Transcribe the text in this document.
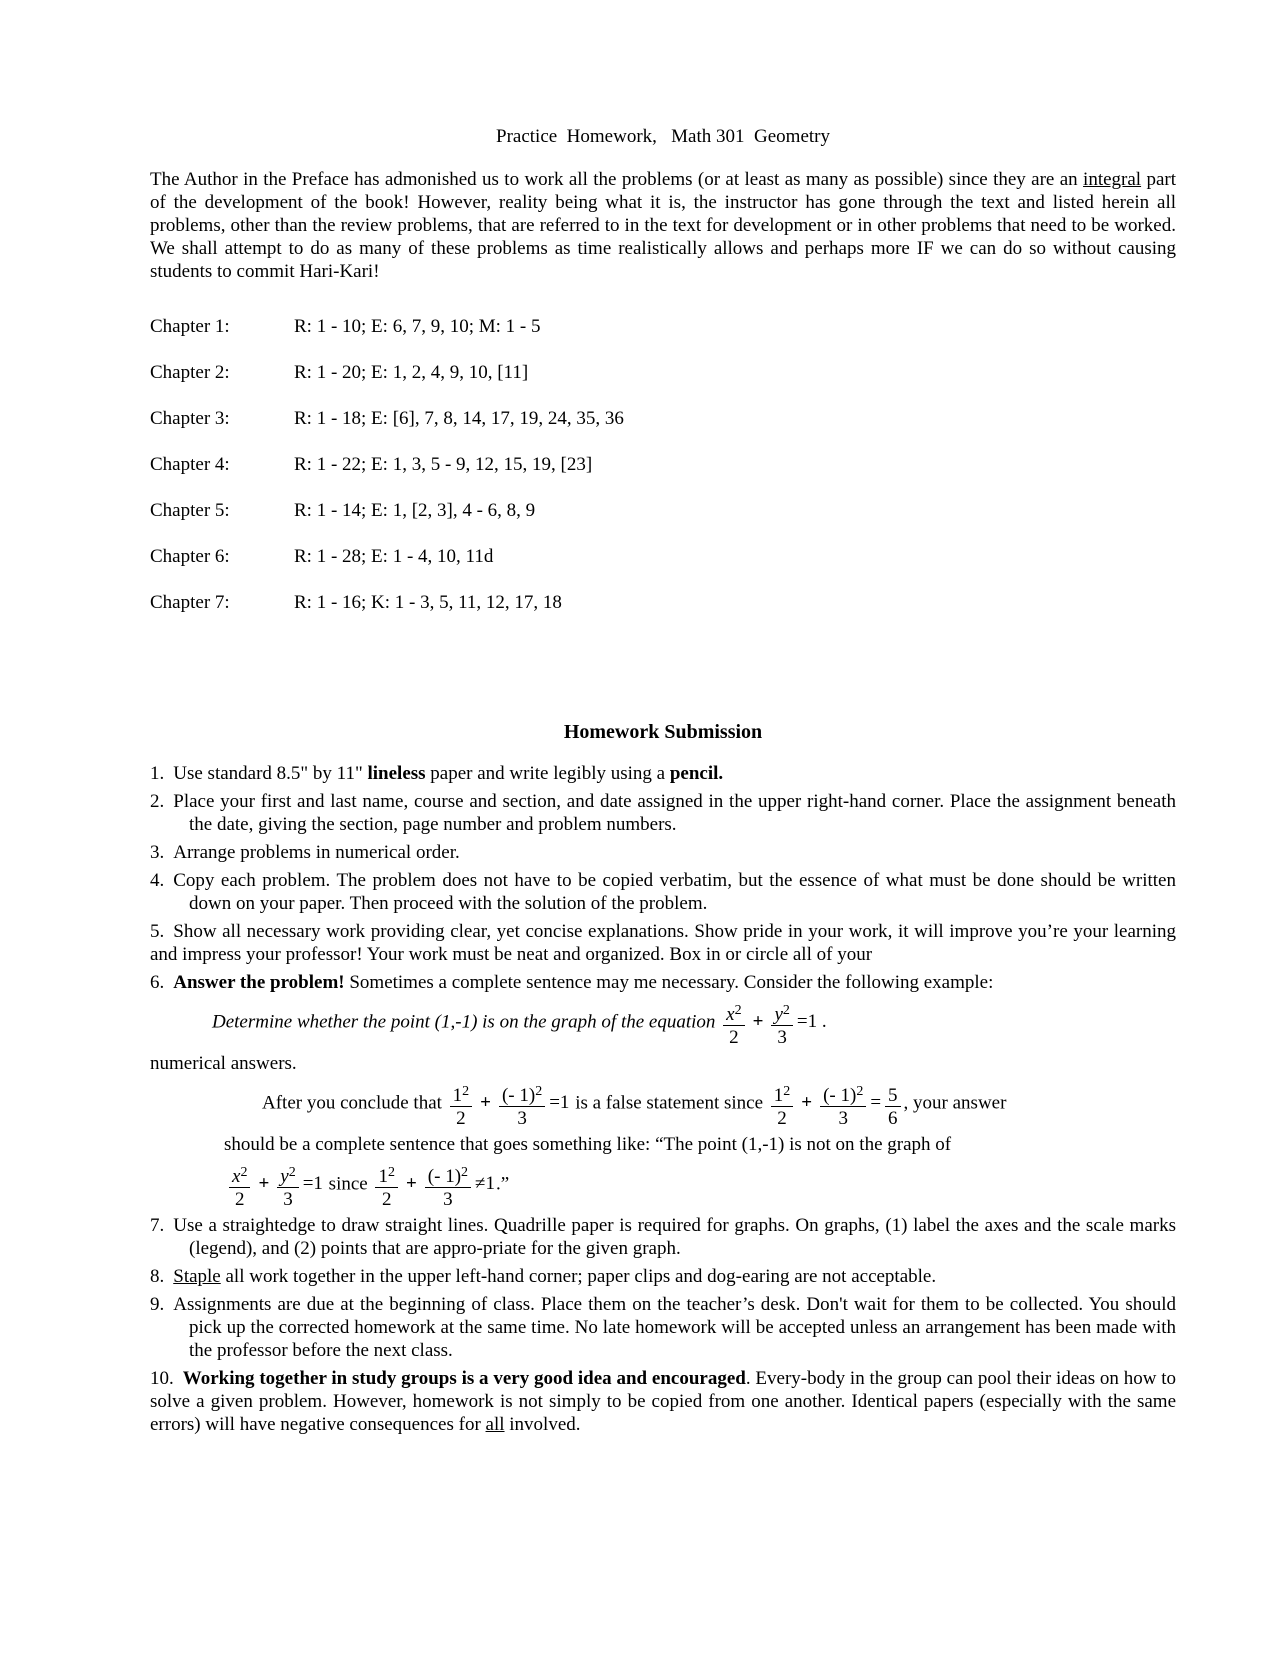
Practice  Homework,   Math 301  Geometry

The Author in the Preface has admonished us to work all the problems (or at least as many as possible) since they are an integral part of the development of the book! However, reality being what it is, the instructor has gone through the text and listed herein all problems, other than the review problems, that are referred to in the text for development or in other problems that need to be worked. We shall attempt to do as many of these problems as time realistically allows and perhaps more IF we can do so without causing students to commit Hari-Kari!

Chapter 1:	R: 1 - 10; E: 6, 7, 9, 10; M: 1 - 5
Chapter 2:	R: 1 - 20; E: 1, 2, 4, 9, 10, [11]
Chapter 3:	R: 1 - 18; E: [6], 7, 8, 14, 17, 19, 24, 35, 36
Chapter 4:	R: 1 - 22; E: 1, 3, 5 - 9, 12, 15, 19, [23]
Chapter 5:	R: 1 - 14; E: 1, [2, 3], 4 - 6, 8, 9
Chapter 6:	R: 1 - 28; E: 1 - 4, 10, 11d
Chapter 7:	R: 1 - 16; K: 1 - 3, 5, 11, 12, 17, 18
Homework Submission
1. Use standard 8.5" by 11" lineless paper and write legibly using a pencil.
2. Place your first and last name, course and section, and date assigned in the upper right-hand corner. Place the assignment beneath the date, giving the section, page number and problem numbers.
3. Arrange problems in numerical order.
4. Copy each problem. The problem does not have to be copied verbatim, but the essence of what must be done should be written down on your paper. Then proceed with the solution of the problem.
5. Show all necessary work providing clear, yet concise explanations. Show pride in your work, it will improve you’re your learning and impress your professor! Your work must be neat and organized. Box in or circle all of your
6. Answer the problem! Sometimes a complete sentence may me necessary. Consider the following example:
Determine whether the point (1,-1) is on the graph of the equation $\frac{x^2}{2} + \frac{y^2}{3} =1$ .
numerical answers.
After you conclude that $\frac{1^2}{2} + \frac{(- 1)^2}{3} =1$ is a false statement since $\frac{1^2}{2} + \frac{(- 1)^2}{3} = \frac{5}{6}$ , your answer
should be a complete sentence that goes something like: “The point (1,-1) is not on the graph of
$\frac{x^2}{2} + \frac{y^2}{3} =1$ since $\frac{1^2}{2} + \frac{(- 1)^2}{3} \ne 1$.”
7. Use a straightedge to draw straight lines. Quadrille paper is required for graphs. On graphs, (1) label the axes and the scale marks (legend), and (2) points that are appro-priate for the given graph.
8. Staple all work together in the upper left-hand corner; paper clips and dog-earing are not acceptable.
9. Assignments are due at the beginning of class. Place them on the teacher’s desk. Don't wait for them to be collected. You should pick up the corrected homework at the same time. No late homework will be accepted unless an arrangement has been made with the professor before the next class.
10. Working together in study groups is a very good idea and encouraged. Every-body in the group can pool their ideas on how to solve a given problem. However, homework is not simply to be copied from one another. Identical papers (especially with the same errors) will have negative consequences for all involved.
